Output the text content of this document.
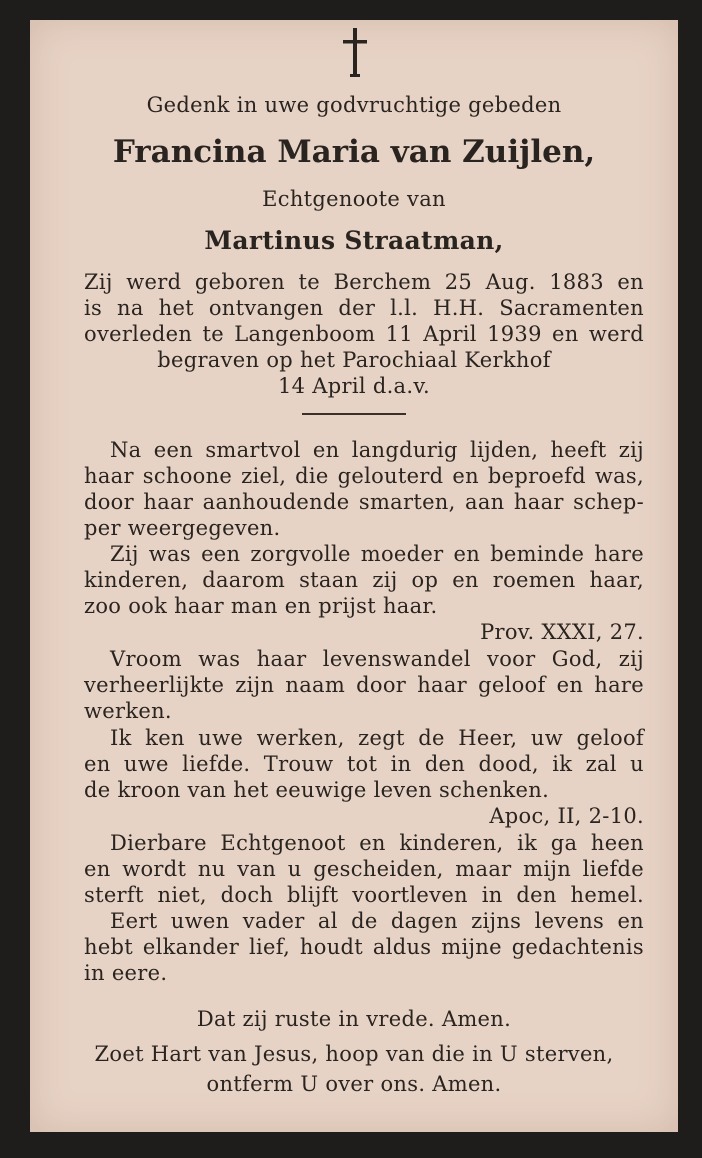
Gedenk in uwe godvruchtige gebeden
Francina Maria van Zuijlen,
Echtgenoote van
Martinus Straatman,
Zij werd geboren te Berchem 25 Aug. 1883 en
is na het ontvangen der l.l. H.H. Sacramenten
overleden te Langenboom 11 April 1939 en werd
begraven op het Parochiaal Kerkhof
14 April d.a.v.
Na een smartvol en langdurig lijden, heeft zij
haar schoone ziel, die gelouterd en beproefd was,
door haar aanhoudende smarten, aan haar schep-
per weergegeven.
Zij was een zorgvolle moeder en beminde hare
kinderen, daarom staan zij op en roemen haar,
zoo ook haar man en prijst haar.
Prov. XXXI, 27.
Vroom was haar levenswandel voor God, zij
verheerlijkte zijn naam door haar geloof en hare
werken.
Ik ken uwe werken, zegt de Heer, uw geloof
en uwe liefde. Trouw tot in den dood, ik zal u
de kroon van het eeuwige leven schenken.
Apoc, II, 2-10.
Dierbare Echtgenoot en kinderen, ik ga heen
en wordt nu van u gescheiden, maar mijn liefde
sterft niet, doch blijft voortleven in den hemel.
Eert uwen vader al de dagen zijns levens en
hebt elkander lief, houdt aldus mijne gedachtenis
in eere.
Dat zij ruste in vrede. Amen.
Zoet Hart van Jesus, hoop van die in U sterven,
ontferm U over ons. Amen.
